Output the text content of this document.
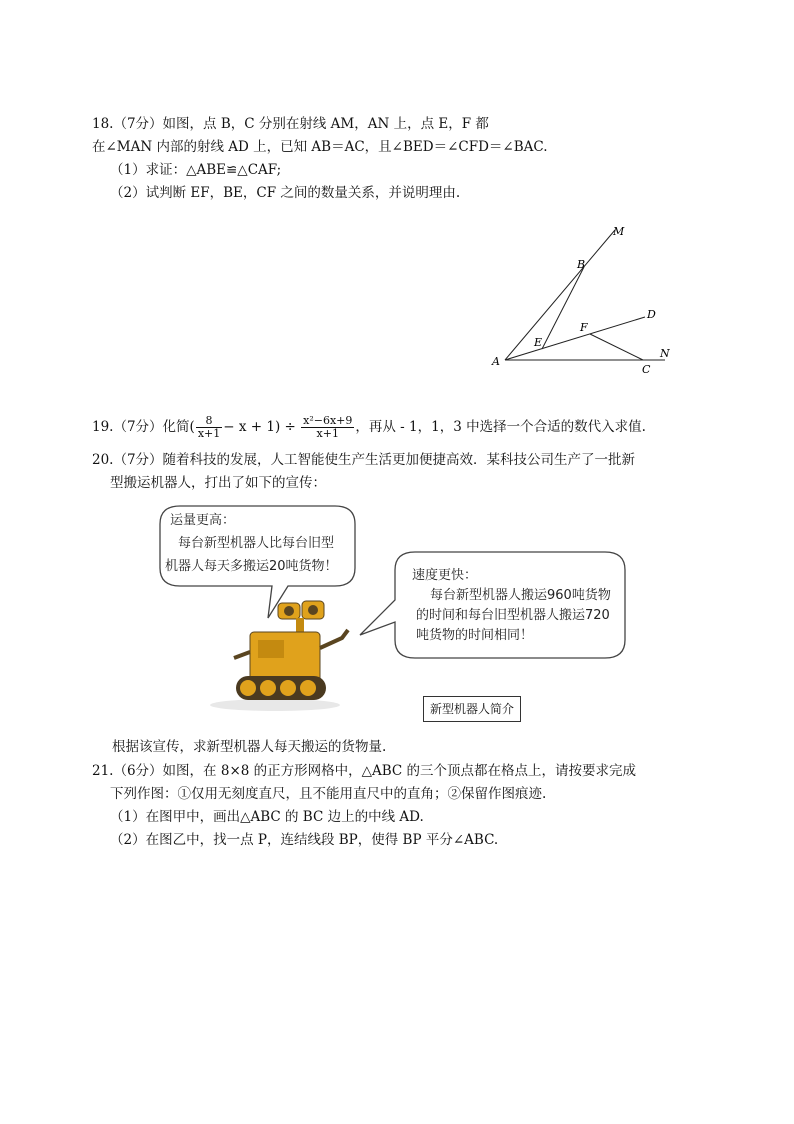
18.（7分）如图，点 B，C 分别在射线 AM，AN 上，点 E，F 都
在∠MAN 内部的射线 AD 上，已知 AB＝AC，且∠BED＝∠CFD＝∠BAC.
（1）求证：△ABE≌△CAF;
（2）试判断 EF，BE，CF 之间的数量关系，并说明理由.
M
B
D
F
E
A
N
C
19.（7分）化简( $\frac{8}{x+1} - x + 1) \div \frac{\text{x²−6x+9}}{x+1}$ ，再从 - 1，1，3 中选择一个合适的数代入求值.
20.（7分）随着科技的发展，人工智能使生产生活更加便捷高效．某科技公司生产了一批新
型搬运机器人，打出了如下的宣传：
运量更高：
每台新型机器人比每台旧型
机器人每天多搬运20吨货物！
速度更快：
每台新型机器人搬运960吨货物
的时间和每台旧型机器人搬运720
吨货物的时间相同！
新型机器人简介
根据该宣传，求新型机器人每天搬运的货物量.
21.（6分）如图，在 8×8 的正方形网格中，△ABC 的三个顶点都在格点上，请按要求完成
下列作图：①仅用无刻度直尺，且不能用直尺中的直角；②保留作图痕迹.
（1）在图甲中，画出△ABC 的 BC 边上的中线 AD.
（2）在图乙中，找一点 P，连结线段 BP，使得 BP 平分∠ABC.
